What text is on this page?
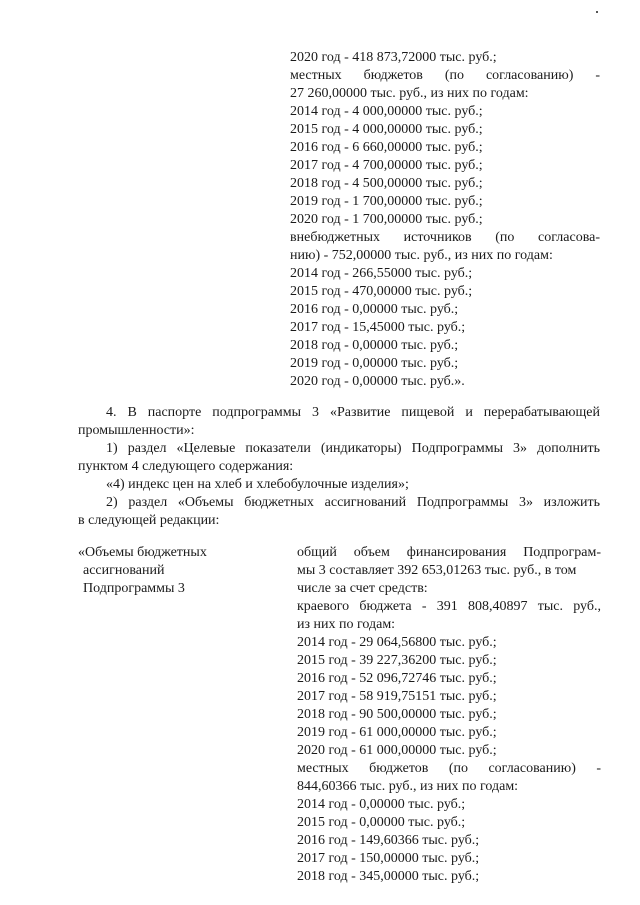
2020 год - 418 873,72000 тыс. руб.;
местных бюджетов (по согласованию) -
27 260,00000 тыс. руб., из них по годам:
2014 год - 4 000,00000 тыс. руб.;
2015 год - 4 000,00000 тыс. руб.;
2016 год - 6 660,00000 тыс. руб.;
2017 год - 4 700,00000 тыс. руб.;
2018 год - 4 500,00000 тыс. руб.;
2019 год - 1 700,00000 тыс. руб.;
2020 год - 1 700,00000 тыс. руб.;
внебюджетных источников (по согласова-
нию) - 752,00000 тыс. руб., из них по годам:
2014 год - 266,55000 тыс. руб.;
2015 год - 470,00000 тыс. руб.;
2016 год - 0,00000 тыс. руб.;
2017 год - 15,45000 тыс. руб.;
2018 год - 0,00000 тыс. руб.;
2019 год - 0,00000 тыс. руб.;
2020 год - 0,00000 тыс. руб.».
4. В паспорте подпрограммы 3 «Развитие пищевой и перерабатывающей
промышленности»:
1) раздел «Целевые показатели (индикаторы) Подпрограммы 3» дополнить
пунктом 4 следующего содержания:
«4) индекс цен на хлеб и хлебобулочные изделия»;
2) раздел «Объемы бюджетных ассигнований Подпрограммы 3» изложить
в следующей редакции:
«Объемы бюджетных
ассигнований
Подпрограммы 3
общий объем финансирования Подпрограм-
мы 3 составляет 392 653,01263 тыс. руб., в том
числе за счет средств:
краевого бюджета - 391 808,40897 тыс. руб.,
из них по годам:
2014 год - 29 064,56800 тыс. руб.;
2015 год - 39 227,36200 тыс. руб.;
2016 год - 52 096,72746 тыс. руб.;
2017 год - 58 919,75151 тыс. руб.;
2018 год - 90 500,00000 тыс. руб.;
2019 год - 61 000,00000 тыс. руб.;
2020 год - 61 000,00000 тыс. руб.;
местных бюджетов (по согласованию) -
844,60366 тыс. руб., из них по годам:
2014 год - 0,00000 тыс. руб.;
2015 год - 0,00000 тыс. руб.;
2016 год - 149,60366 тыс. руб.;
2017 год - 150,00000 тыс. руб.;
2018 год - 345,00000 тыс. руб.;
